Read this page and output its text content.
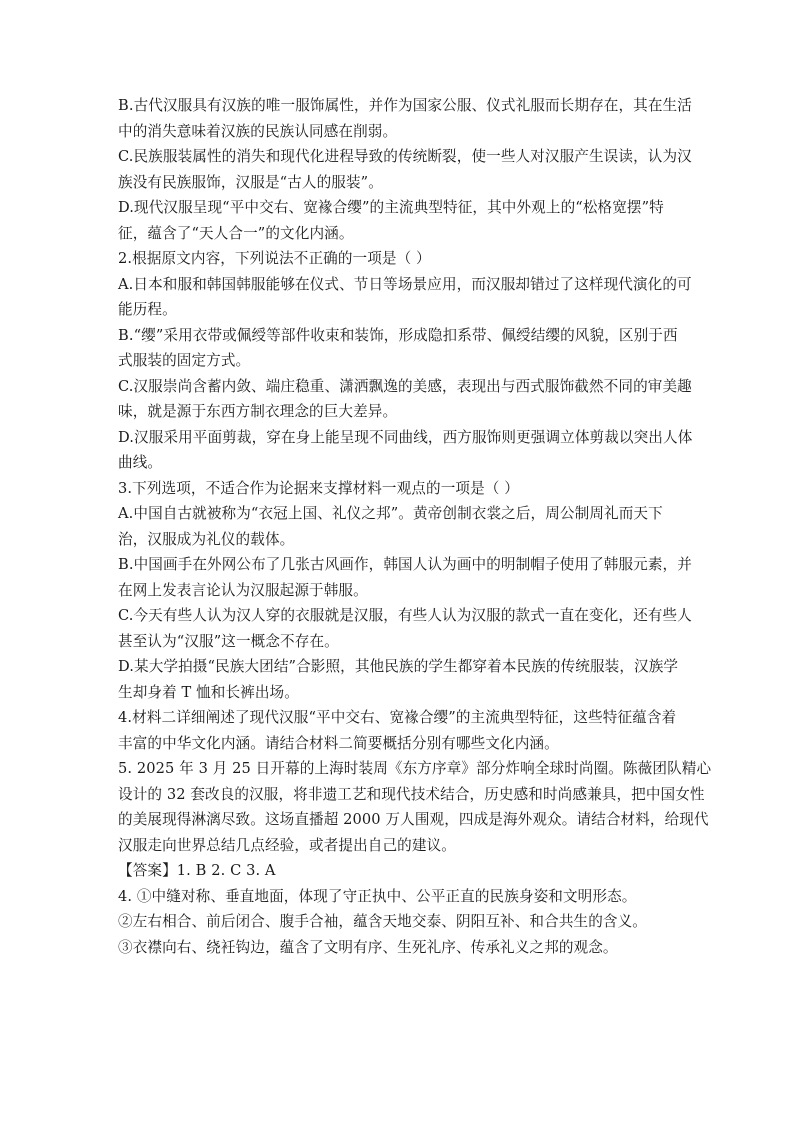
B.古代汉服具有汉族的唯一服饰属性，并作为国家公服、仪式礼服而长期存在，其在生活
中的消失意味着汉族的民族认同感在削弱。
C.民族服装属性的消失和现代化进程导致的传统断裂，使一些人对汉服产生误读，认为汉
族没有民族服饰，汉服是“古人的服装”。
D.现代汉服呈现“平中交右、宽褖合缨”的主流典型特征，其中外观上的“松格宽摆”特
征，蕴含了“天人合一”的文化内涵。
2.根据原文内容，下列说法不正确的一项是（ ）
A.日本和服和韩国韩服能够在仪式、节日等场景应用，而汉服却错过了这样现代演化的可
能历程。
B.“缨”采用衣带或佩绶等部件收束和装饰，形成隐扣系带、佩绶结缨的风貌，区别于西
式服装的固定方式。
C.汉服崇尚含蓄内敛、端庄稳重、潇洒飘逸的美感，表现出与西式服饰截然不同的审美趣
味，就是源于东西方制衣理念的巨大差异。
D.汉服采用平面剪裁，穿在身上能呈现不同曲线，西方服饰则更强调立体剪裁以突出人体
曲线。
3.下列选项，不适合作为论据来支撑材料一观点的一项是（ ）
A.中国自古就被称为“衣冠上国、礼仪之邦”。黄帝创制衣裳之后，周公制周礼而天下
治，汉服成为礼仪的载体。
B.中国画手在外网公布了几张古风画作，韩国人认为画中的明制帽子使用了韩服元素，并
在网上发表言论认为汉服起源于韩服。
C.今天有些人认为汉人穿的衣服就是汉服，有些人认为汉服的款式一直在变化，还有些人
甚至认为“汉服”这一概念不存在。
D.某大学拍摄“民族大团结”合影照，其他民族的学生都穿着本民族的传统服装，汉族学
生却身着 T 恤和长裤出场。
4.材料二详细阐述了现代汉服“平中交右、宽褖合缨”的主流典型特征，这些特征蕴含着
丰富的中华文化内涵。请结合材料二简要概括分别有哪些文化内涵。
5. 2025 年 3 月 25 日开幕的上海时装周《东方序章》部分炸响全球时尚圈。陈薇团队精心
设计的 32 套改良的汉服，将非遗工艺和现代技术结合，历史感和时尚感兼具，把中国女性
的美展现得淋漓尽致。这场直播超 2000 万人围观，四成是海外观众。请结合材料，给现代
汉服走向世界总结几点经验，或者提出自己的建议。
【答案】1. B 2. C 3. A
4. ①中缝对称、垂直地面，体现了守正执中、公平正直的民族身姿和文明形态。
②左右相合、前后闭合、腹手合袖，蕴含天地交泰、阴阳互补、和合共生的含义。
③衣襟向右、绕衽钩边，蕴含了文明有序、生死礼序、传承礼义之邦的观念。
